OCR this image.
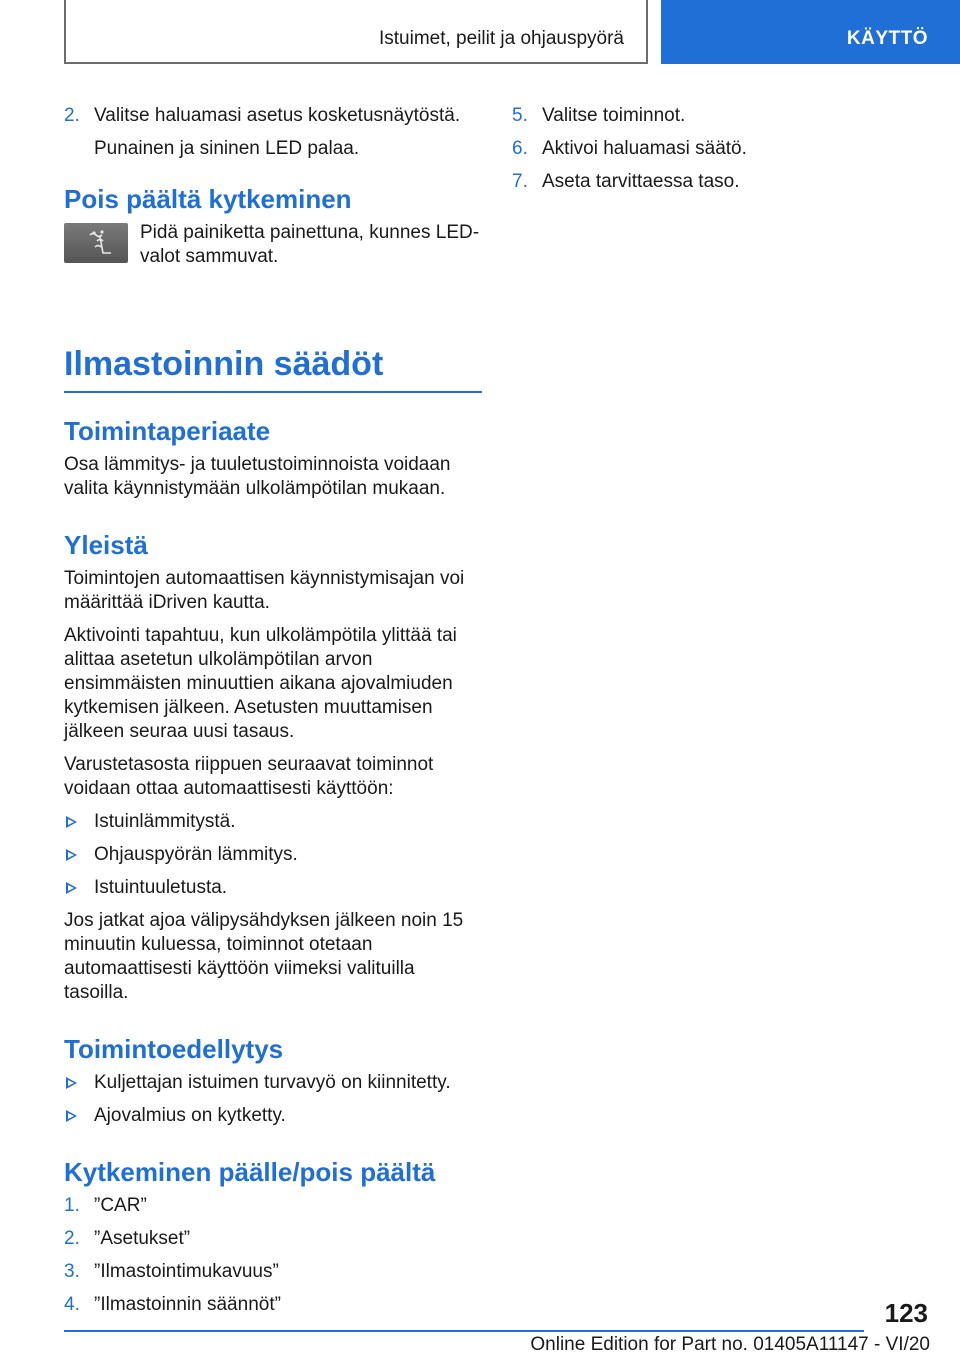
Istuimet, peilit ja ohjauspyörä	KÄYTTÖ
2. Valitse haluamasi asetus kosketusnäytöstä.
Punainen ja sininen LED palaa.
Pois päältä kytkeminen
Pidä painiketta painettuna, kunnes LED-valot sammuvat.
Ilmastoinnin säädöt
Toimintaperiaate

Osa lämmitys- ja tuuletustoiminnoista voidaan valita käynnistymään ulkolämpötilan mukaan.

Yleistä

Toimintojen automaattisen käynnistymisajan voi määrittää iDriven kautta.

Aktivointi tapahtuu, kun ulkolämpötila ylittää tai alittaa asetetun ulkolämpötilan arvon ensimmäisten minuuttien aikana ajovalmiuden kytkemisen jälkeen. Asetusten muuttamisen jälkeen seuraa uusi tasaus.

Varustetasosta riippuen seuraavat toiminnot voidaan ottaa automaattisesti käyttöön:

Istuinlämmitystä.
Ohjauspyörän lämmitys.
Istuintuuletusta.

Jos jatkat ajoa välipysähdyksen jälkeen noin 15 minuutin kuluessa, toiminnot otetaan automaattisesti käyttöön viimeksi valituilla tasoilla.

Toimintoedellytys
Kuljettajan istuimen turvavyö on kiinnitetty.
Ajovalmius on kytketty.
Kytkeminen päälle/pois päältä
1. ”CAR”
2. ”Asetukset”
3. ”Ilmastointimukavuus”
4. ”Ilmastoinnin säännöt”
5. Valitse toiminnot.
6. Aktivoi haluamasi säätö.
7. Aseta tarvittaessa taso.
123
Online Edition for Part no. 01405A11147 - VI/20
